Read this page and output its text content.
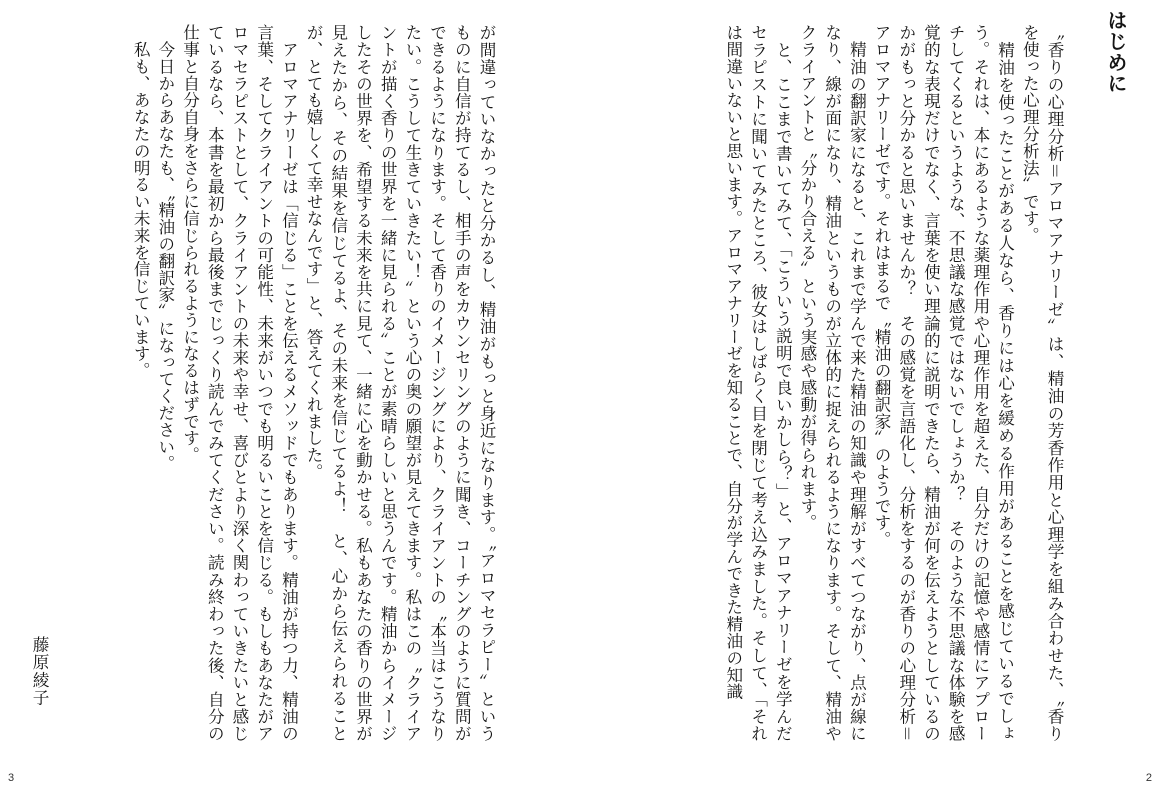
が間違っていなかったと分かるし、精油がもっと身近になります。〝アロマセラピー〟というものに自信が持てるし、相手の声をカウンセリングのように聞き、コーチングのように質問ができるようになります。そして香りのイメージングにより、クライアントの〝本当はこうなりたい。こうして生きていきたい！〟という心の奥の願望が見えてきます。私はこの〝クライアントが描く香りの世界を一緒に見られる〟ことが素晴らしいと思うんです。精油からイメージしたその世界を、希望する未来を共に見て、一緒に心を動かせる。私もあなたの香りの世界が見えたから、その結果を信じてるよ、その未来を信じてるよ！　と、心から伝えられることが、とても嬉しくて幸せなんです」と、答えてくれました。
　アロマアナリーゼは「信じる」ことを伝えるメソッドでもあります。精油が持つ力、精油の言葉、そしてクライアントの可能性、未来がいつでも明るいことを信じる。もしもあなたがアロマセラピストとして、クライアントの未来や幸せ、喜びとより深く関わっていきたいと感じているなら、本書を最初から最後までじっくり読んでみてください。読み終わった後、自分の仕事と自分自身をさらに信じられるようになるはずです。
　今日からあなたも、〝精油の翻訳家〟になってください。
　私も、あなたの明るい未来を信じています。
藤原綾子
3
はじめに
〝香りの心理分析＝アロマアナリーゼ〟は、精油の芳香作用と心理学を組み合わせた、〝香りを使った心理分析法〟です。
　精油を使ったことがある人なら、香りには心を緩める作用があることを感じているでしょう。それは、本にあるような薬理作用や心理作用を超えた、自分だけの記憶や感情にアプローチしてくるというような、不思議な感覚ではないでしょうか？　そのような不思議な体験を感覚的な表現だけでなく、言葉を使い理論的に説明できたら、精油が何を伝えようとしているのかがもっと分かると思いませんか？　その感覚を言語化し、分析をするのが香りの心理分析＝アロマアナリーゼです。それはまるで〝精油の翻訳家〟のようです。
　精油の翻訳家になると、これまで学んで来た精油の知識や理解がすべてつながり、点が線になり、線が面になり、精油というものが立体的に捉えられるようになります。そして、精油やクライアントと〝分かり合える〟という実感や感動が得られます。
　と、ここまで書いてみて、「こういう説明で良いかしら？」と、アロマアナリーゼを学んだセラピストに聞いてみたところ、彼女はしばらく目を閉じて考え込みました。そして、「それは間違いないと思います。アロマアナリーゼを知ることで、自分が学んできた精油の知識
2
